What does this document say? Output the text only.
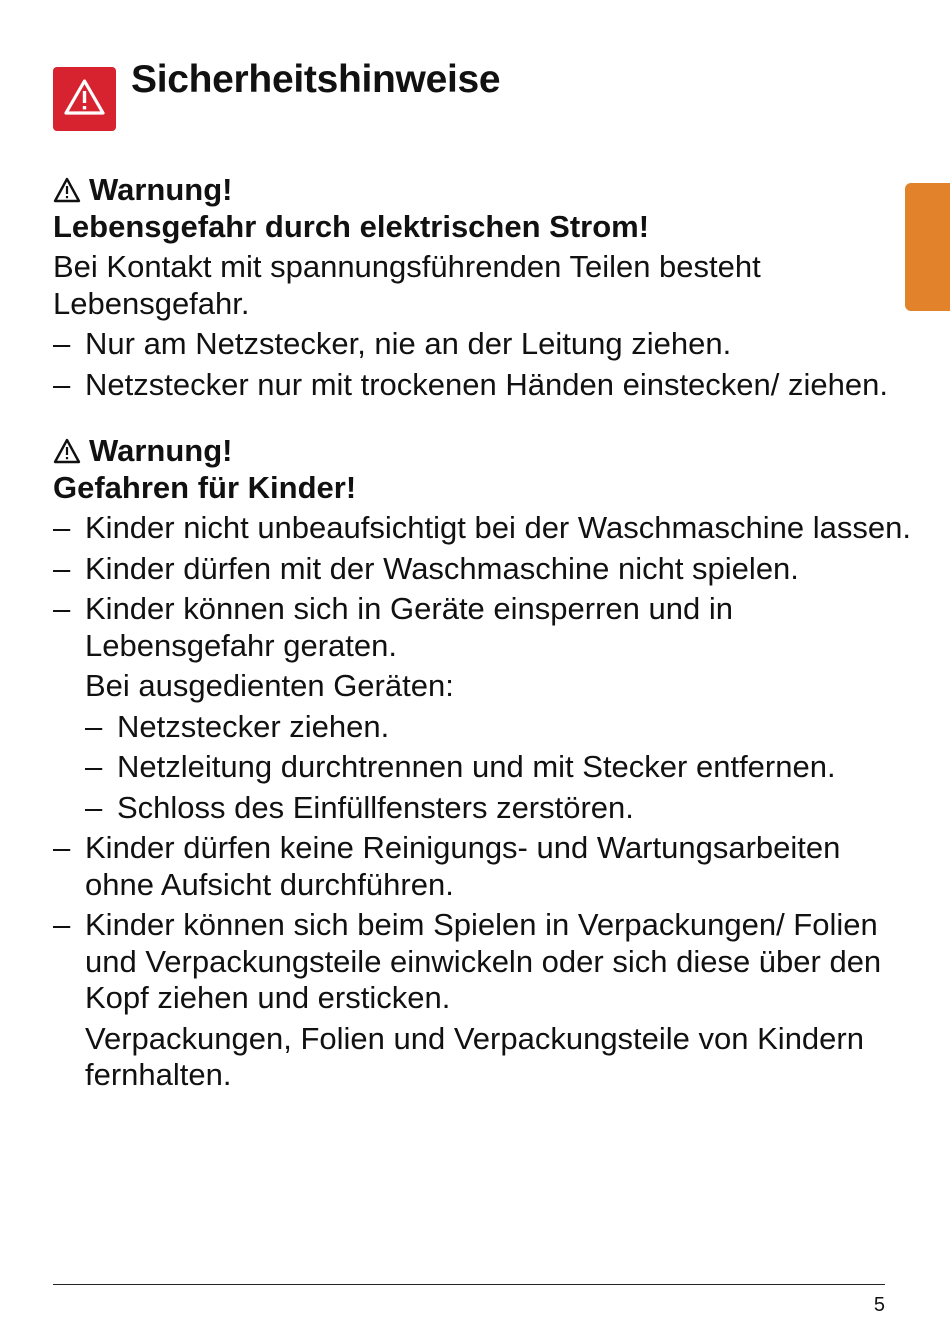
Sicherheitshinweise

Warnung!

Lebensgefahr durch elektrischen Strom!

Bei Kontakt mit spannungsführenden Teilen besteht Lebensgefahr.

– Nur am Netzstecker, nie an der Leitung ziehen.
– Netzstecker nur mit trockenen Händen einstecken/ ziehen.

Warnung!

Gefahren für Kinder!

– Kinder nicht unbeaufsichtigt bei der Waschmaschine lassen.
– Kinder dürfen mit der Waschmaschine nicht spielen.
– Kinder können sich in Geräte einsperren und in Lebensgefahr geraten.

Bei ausgedienten Geräten:

– Netzstecker ziehen.
– Netzleitung durchtrennen und mit Stecker entfernen.
– Schloss des Einfüllfensters zerstören.
– Kinder dürfen keine Reinigungs- und Wartungsarbeiten ohne Aufsicht durchführen.
– Kinder können sich beim Spielen in Verpackungen/ Folien und Verpackungsteile einwickeln oder sich diese über den Kopf ziehen und ersticken.

Verpackungen, Folien und Verpackungsteile von Kindern fernhalten.

5
